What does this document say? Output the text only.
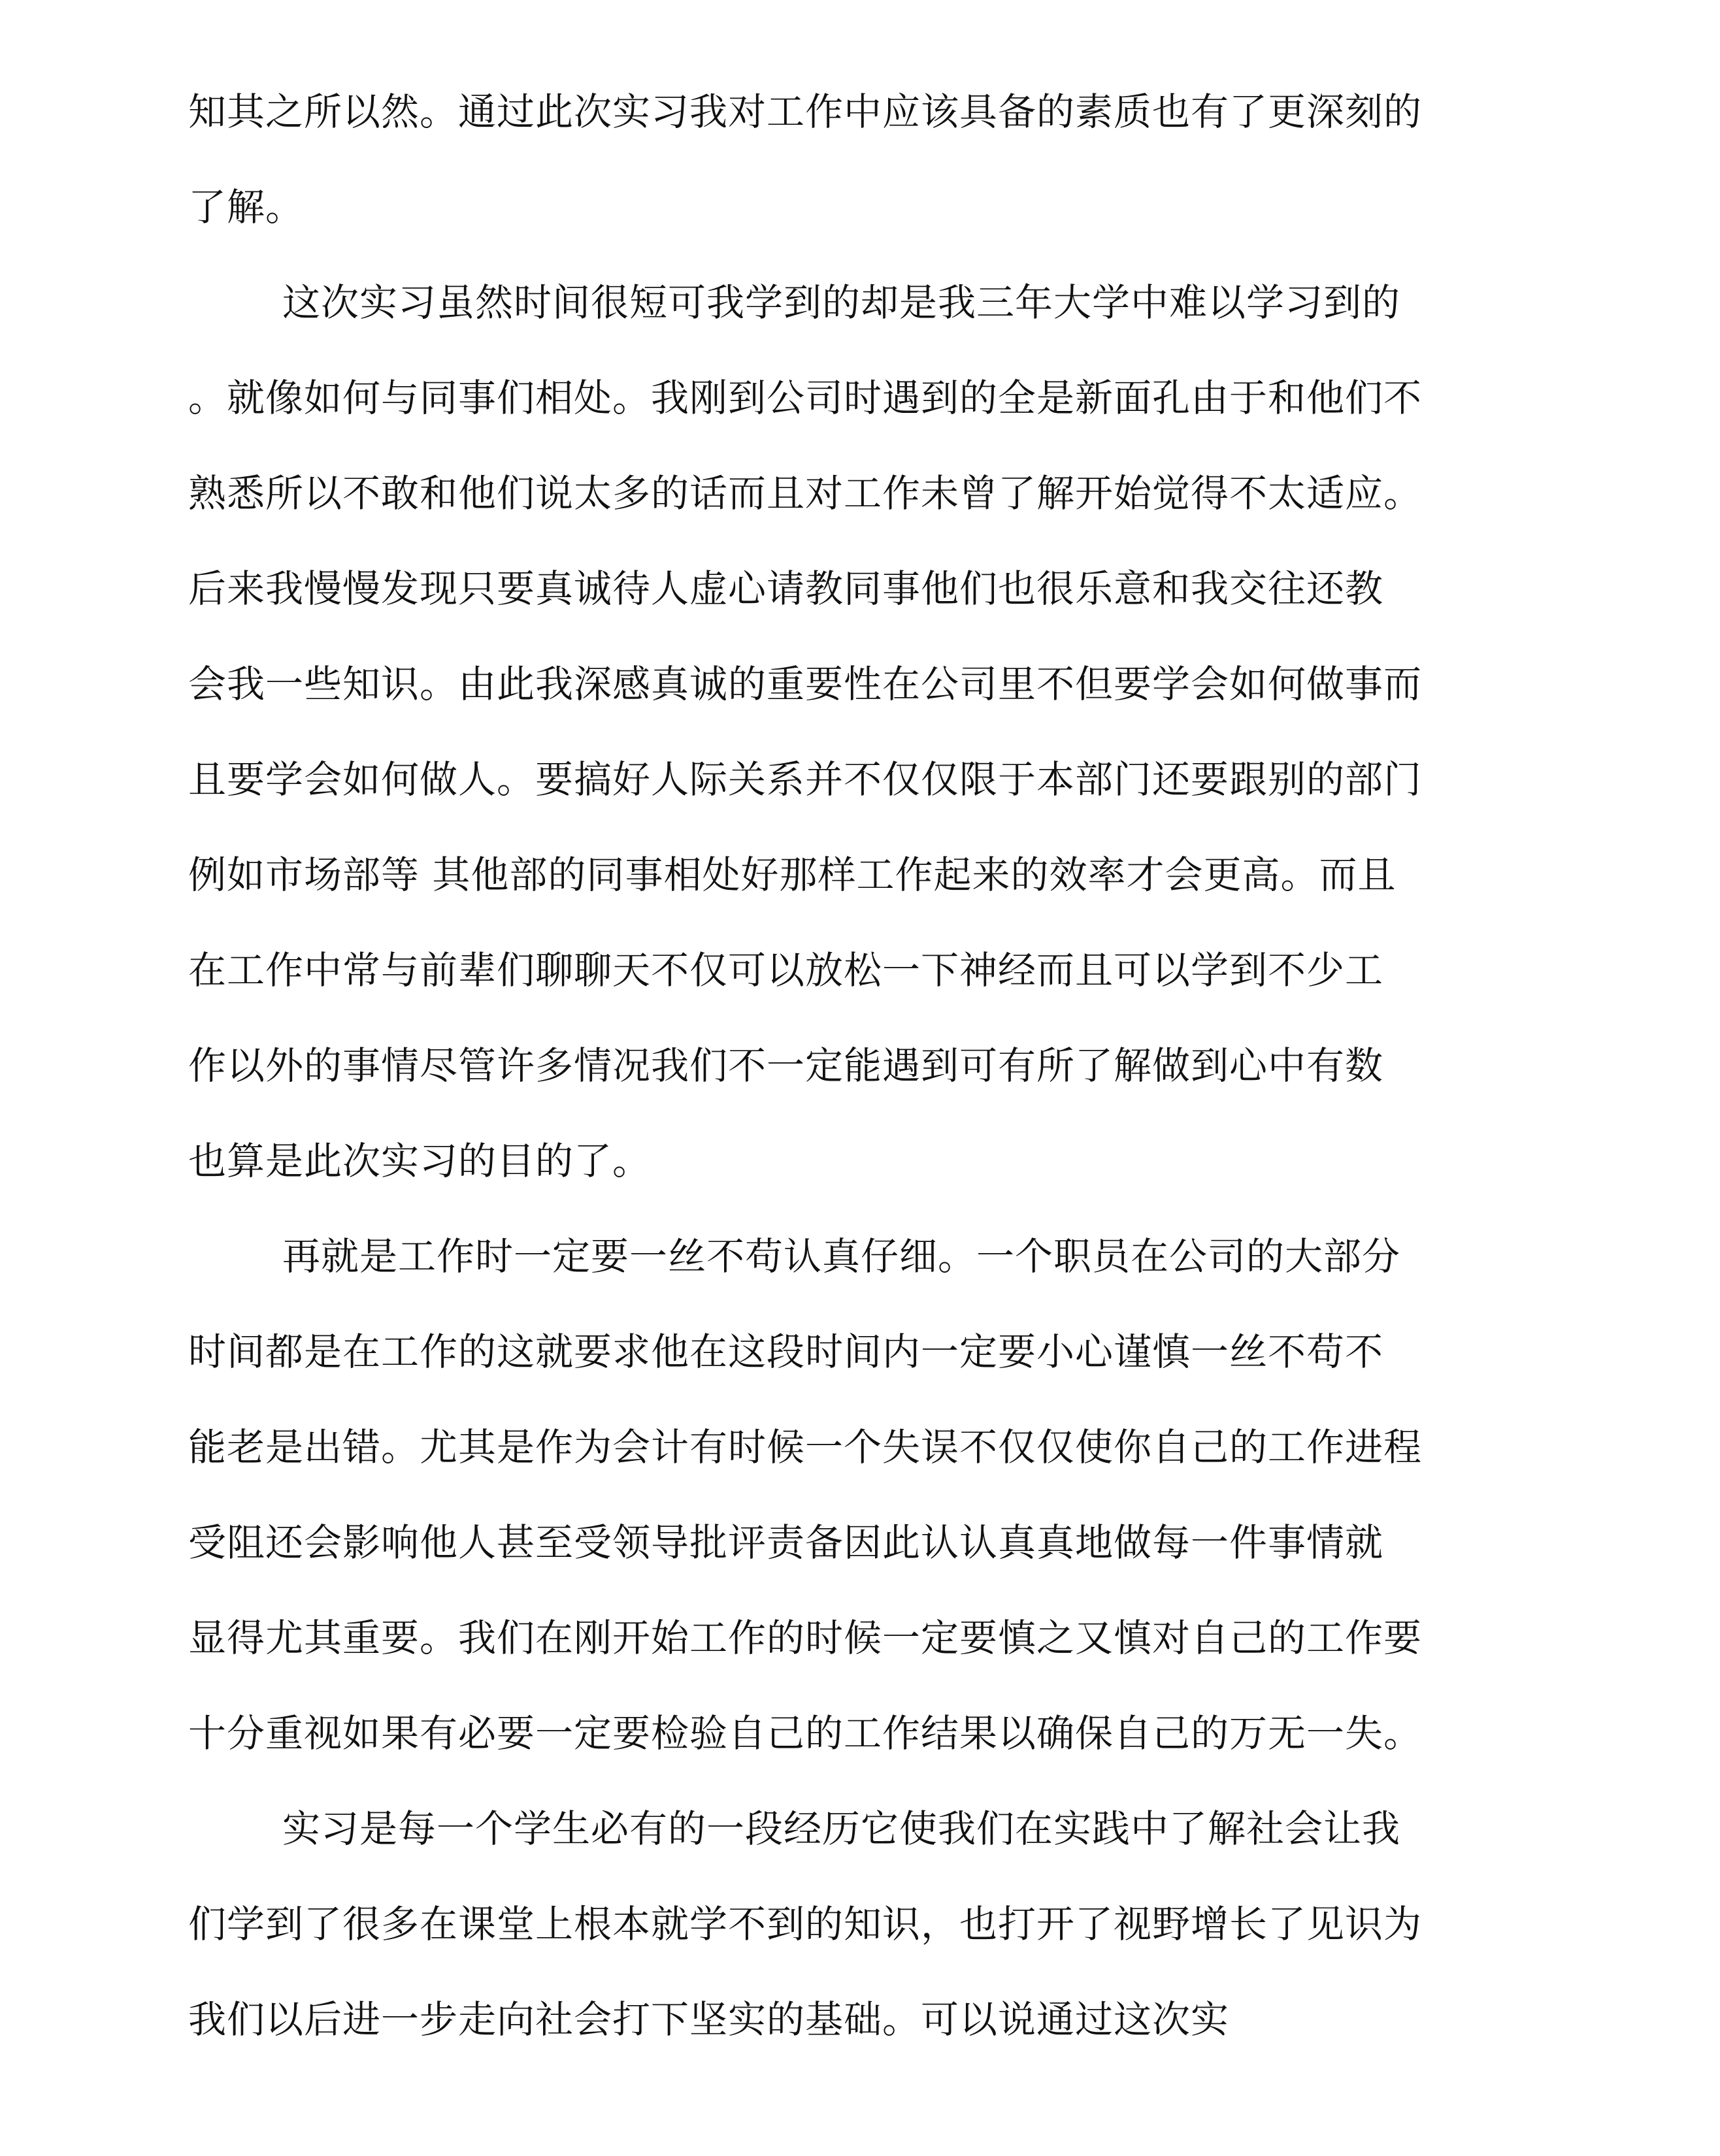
知其之所以然。通过此次实习我对工作中应该具备的素质也有了更深刻的
了解。
这次实习虽然时间很短可我学到的却是我三年大学中难以学习到的
。就像如何与同事们相处。我刚到公司时遇到的全是新面孔由于和他们不
熟悉所以不敢和他们说太多的话而且对工作未曾了解开始觉得不太适应。
后来我慢慢发现只要真诚待人虚心请教同事他们也很乐意和我交往还教
会我一些知识。由此我深感真诚的重要性在公司里不但要学会如何做事而
且要学会如何做人。要搞好人际关系并不仅仅限于本部门还要跟别的部门
例如市场部等 其他部的同事相处好那样工作起来的效率才会更高。而且
在工作中常与前辈们聊聊天不仅可以放松一下神经而且可以学到不少工
作以外的事情尽管许多情况我们不一定能遇到可有所了解做到心中有数
也算是此次实习的目的了。
再就是工作时一定要一丝不苟认真仔细。一个职员在公司的大部分
时间都是在工作的这就要求他在这段时间内一定要小心谨慎一丝不苟不
能老是出错。尤其是作为会计有时候一个失误不仅仅使你自己的工作进程
受阻还会影响他人甚至受领导批评责备因此认认真真地做每一件事情就
显得尤其重要。我们在刚开始工作的时候一定要慎之又慎对自己的工作要
十分重视如果有必要一定要检验自己的工作结果以确保自己的万无一失。
实习是每一个学生必有的一段经历它使我们在实践中了解社会让我
们学到了很多在课堂上根本就学不到的知识，也打开了视野增长了见识为
我们以后进一步走向社会打下坚实的基础。可以说通过这次实
